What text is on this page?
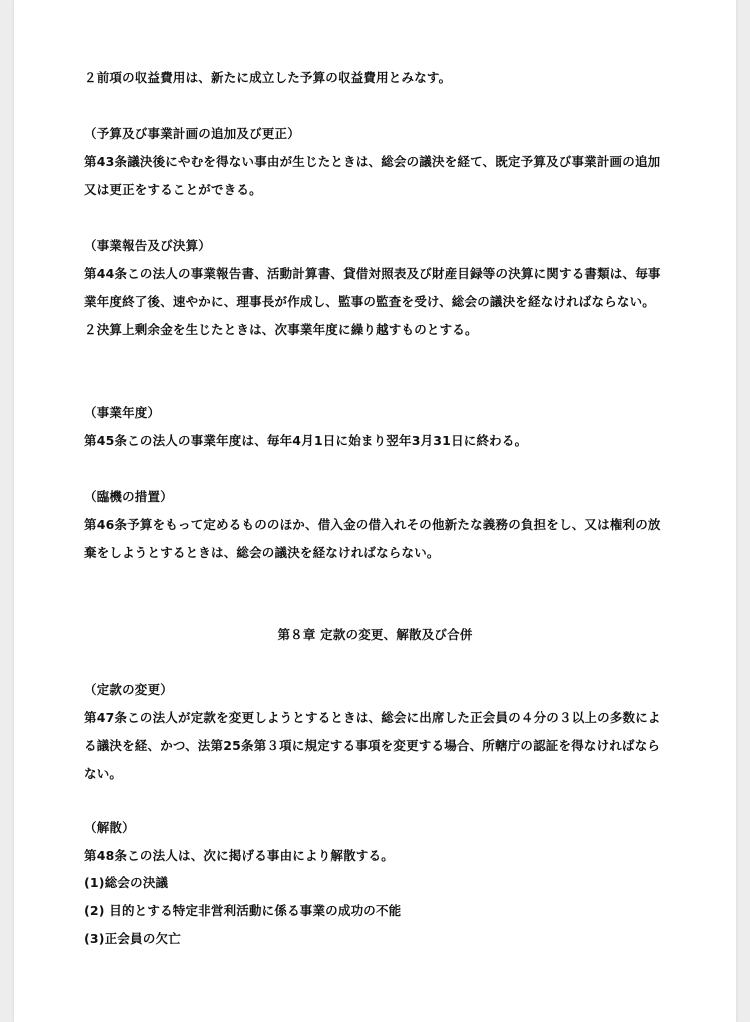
２前項の収益費用は、新たに成立した予算の収益費用とみなす。
（予算及び事業計画の追加及び更正）
第43条議決後にやむを得ない事由が生じたときは、総会の議決を経て、既定予算及び事業計画の追加
又は更正をすることができる。
（事業報告及び決算）
第44条この法人の事業報告書、活動計算書、貸借対照表及び財産目録等の決算に関する書類は、毎事
業年度終了後、速やかに、理事長が作成し、監事の監査を受け、総会の議決を経なければならない。
２決算上剰余金を生じたときは、次事業年度に繰り越すものとする。
（事業年度）
第45条この法人の事業年度は、毎年4月1日に始まり翌年3月31日に終わる。
（臨機の措置）
第46条予算をもって定めるもののほか、借入金の借入れその他新たな義務の負担をし、又は権利の放
棄をしようとするときは、総会の議決を経なければならない。
第８章 定款の変更、解散及び合併
（定款の変更）
第47条この法人が定款を変更しようとするときは、総会に出席した正会員の４分の３以上の多数によ
る議決を経、かつ、法第25条第３項に規定する事項を変更する場合、所轄庁の認証を得なければなら
ない。
（解散）
第48条この法人は、次に掲げる事由により解散する。
(1)総会の決議
(2) 目的とする特定非営利活動に係る事業の成功の不能
(3)正会員の欠亡
